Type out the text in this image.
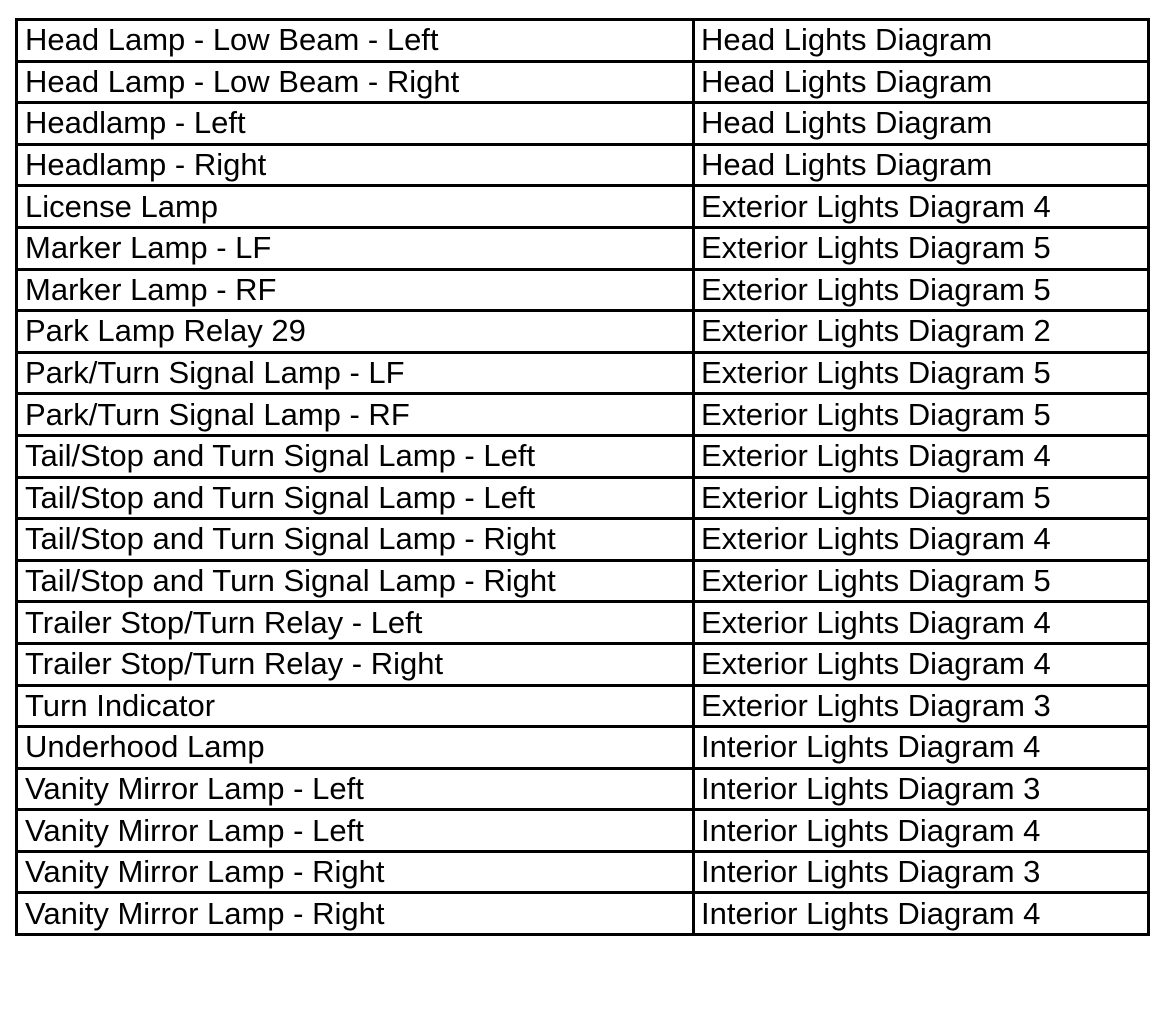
Head Lamp - Low Beam - Left	Head Lights Diagram
Head Lamp - Low Beam - Right	Head Lights Diagram
Headlamp - Left	Head Lights Diagram
Headlamp - Right	Head Lights Diagram
License Lamp	Exterior Lights Diagram 4
Marker Lamp - LF	Exterior Lights Diagram 5
Marker Lamp - RF	Exterior Lights Diagram 5
Park Lamp Relay 29	Exterior Lights Diagram 2
Park/Turn Signal Lamp - LF	Exterior Lights Diagram 5
Park/Turn Signal Lamp - RF	Exterior Lights Diagram 5
Tail/Stop and Turn Signal Lamp - Left	Exterior Lights Diagram 4
Tail/Stop and Turn Signal Lamp - Left	Exterior Lights Diagram 5
Tail/Stop and Turn Signal Lamp - Right	Exterior Lights Diagram 4
Tail/Stop and Turn Signal Lamp - Right	Exterior Lights Diagram 5
Trailer Stop/Turn Relay - Left	Exterior Lights Diagram 4
Trailer Stop/Turn Relay - Right	Exterior Lights Diagram 4
Turn Indicator	Exterior Lights Diagram 3
Underhood Lamp	Interior Lights Diagram 4
Vanity Mirror Lamp - Left	Interior Lights Diagram 3
Vanity Mirror Lamp - Left	Interior Lights Diagram 4
Vanity Mirror Lamp - Right	Interior Lights Diagram 3
Vanity Mirror Lamp - Right	Interior Lights Diagram 4
